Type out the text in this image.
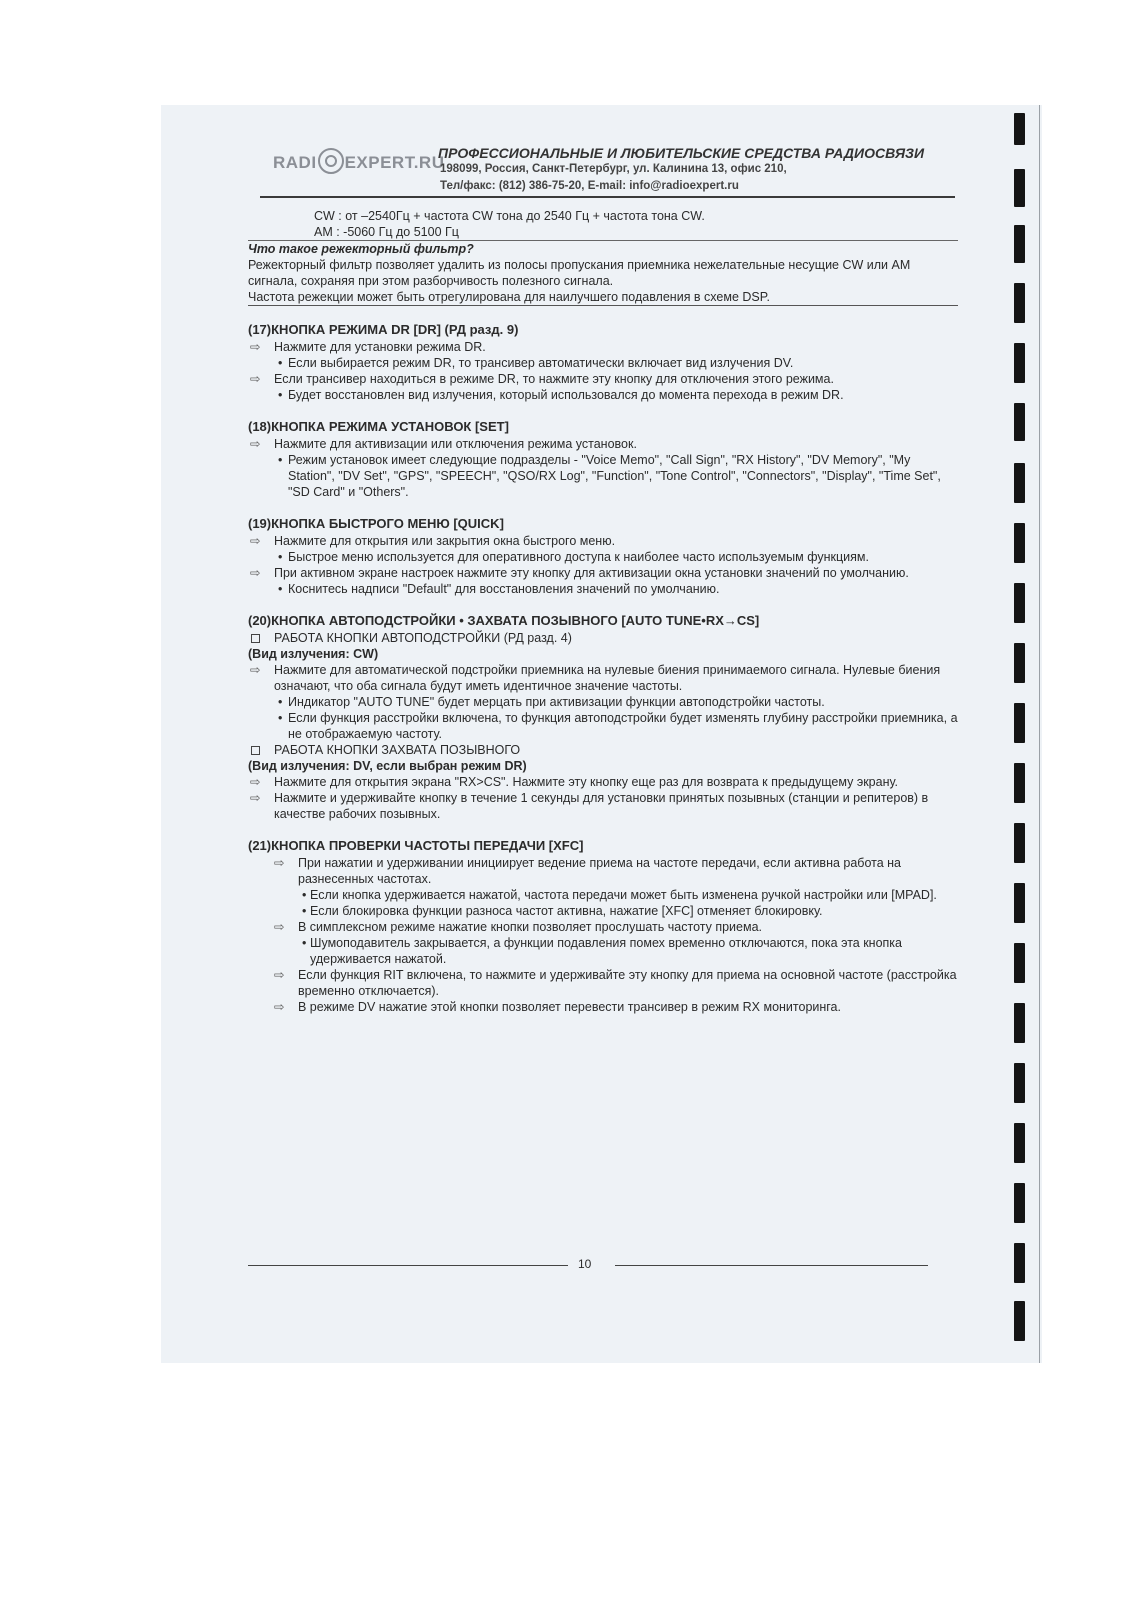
RADI EXPERT.RU
ПРОФЕССИОНАЛЬНЫЕ И ЛЮБИТЕЛЬСКИЕ СРЕДСТВА РАДИОСВЯЗИ
198099, Россия, Санкт-Петербург, ул. Калинина 13, офис 210,
Тел/факс: (812) 386-75-20, E-mail: info@radioexpert.ru
CW : от –2540Гц + частота CW тона до 2540 Гц + частота тона CW.
AM : -5060 Гц до 5100 Гц
Что такое режекторный фильтр?
Режекторный фильтр позволяет удалить из полосы пропускания приемника нежелательные несущие CW или AM сигнала, сохраняя при этом разборчивость полезного сигнала.
Частота режекции может быть отрегулирована для наилучшего подавления в схеме DSP.
(17)КНОПКА РЕЖИМА DR [DR] (РД разд. 9)
⇨ Нажмите для установки режима DR.
• Если выбирается режим DR, то трансивер автоматически включает вид излучения DV.
⇨ Если трансивер находиться в режиме DR, то нажмите эту кнопку для отключения этого режима.
• Будет восстановлен вид излучения, который использовался до момента перехода в режим DR.
(18)КНОПКА РЕЖИМА УСТАНОВОК [SET]
⇨ Нажмите для активизации или отключения режима установок.
• Режим установок имеет следующие подразделы - "Voice Memo", "Call Sign", "RX History", "DV Memory", "My Station", "DV Set", "GPS", "SPEECH", "QSO/RX Log", "Function", "Tone Control", "Connectors", "Display", "Time Set", "SD Card" и "Others".
(19)КНОПКА БЫСТРОГО МЕНЮ [QUICK]
⇨ Нажмите для открытия или закрытия окна быстрого меню.
• Быстрое меню используется для оперативного доступа к наиболее часто используемым функциям.
⇨ При активном экране настроек нажмите эту кнопку для активизации окна установки значений по умолчанию.
• Коснитесь надписи "Default" для восстановления значений по умолчанию.
(20)КНОПКА АВТОПОДСТРОЙКИ • ЗАХВАТА ПОЗЫВНОГО [AUTO TUNE•RX→CS]
РАБОТА КНОПКИ АВТОПОДСТРОЙКИ (РД разд. 4)
(Вид излучения: CW)
⇨ Нажмите для автоматической подстройки приемника на нулевые биения принимаемого сигнала. Нулевые биения означают, что оба сигнала будут иметь идентичное значение частоты.
• Индикатор "AUTO TUNE" будет мерцать при активизации функции автоподстройки частоты.
• Если функция расстройки включена, то функция автоподстройки будет изменять глубину расстройки приемника, а не отображаемую частоту.
РАБОТА КНОПКИ ЗАХВАТА ПОЗЫВНОГО
(Вид излучения: DV, если выбран режим DR)
⇨ Нажмите для открытия экрана "RX>CS". Нажмите эту кнопку еще раз для возврата к предыдущему экрану.
⇨ Нажмите и удерживайте кнопку в течение 1 секунды для установки принятых позывных (станции и репитеров) в качестве рабочих позывных.
(21)КНОПКА ПРОВЕРКИ ЧАСТОТЫ ПЕРЕДАЧИ [XFC]
⇨ При нажатии и удерживании инициирует ведение приема на частоте передачи, если активна работа на разнесенных частотах.
• Если кнопка удерживается нажатой, частота передачи может быть изменена ручкой настройки или [MPAD].
• Если блокировка функции разноса частот активна, нажатие [XFC] отменяет блокировку.
⇨ В симплексном режиме нажатие кнопки позволяет прослушать частоту приема.
• Шумоподавитель закрывается, а функции подавления помех временно отключаются, пока эта кнопка удерживается нажатой.
⇨ Если функция RIT включена, то нажмите и удерживайте эту кнопку для приема на основной частоте (расстройка временно отключается).
⇨ В режиме DV нажатие этой кнопки позволяет перевести трансивер в режим RX мониторинга.
10
